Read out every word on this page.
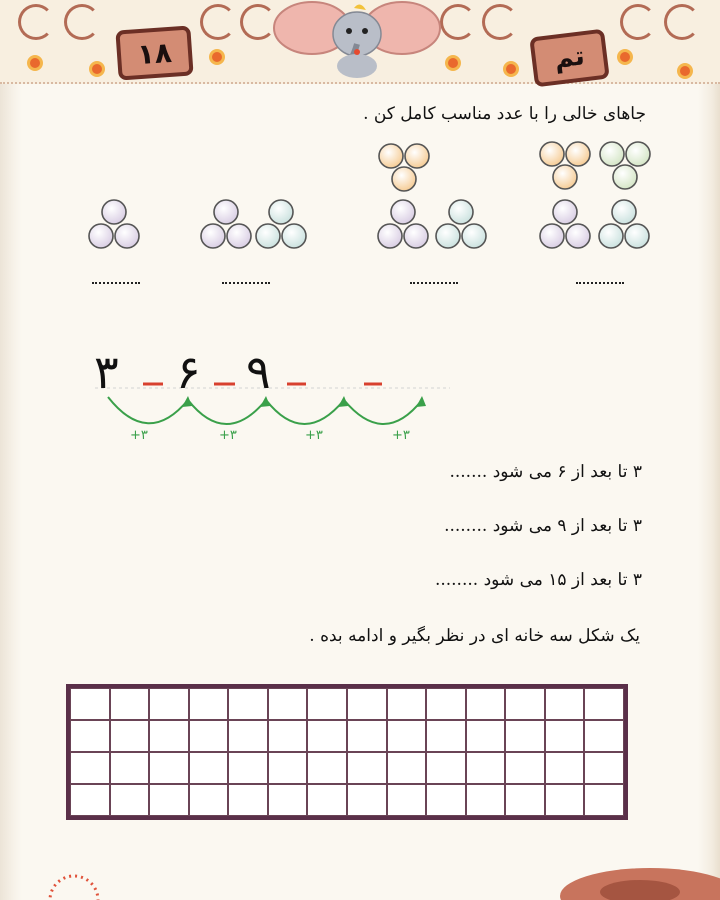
۱۸	تم
جاهای خالی را با عدد مناسب کامل کن .
۳ ۶ ۹
+۳	+۳	+۳	+۳
۳ تا بعد از ۶ می شود .......
۳ تا بعد از ۹ می شود ........
۳ تا بعد از ۱۵ می شود ........
یک شکل سه خانه ای در نظر بگیر و ادامه بده .
